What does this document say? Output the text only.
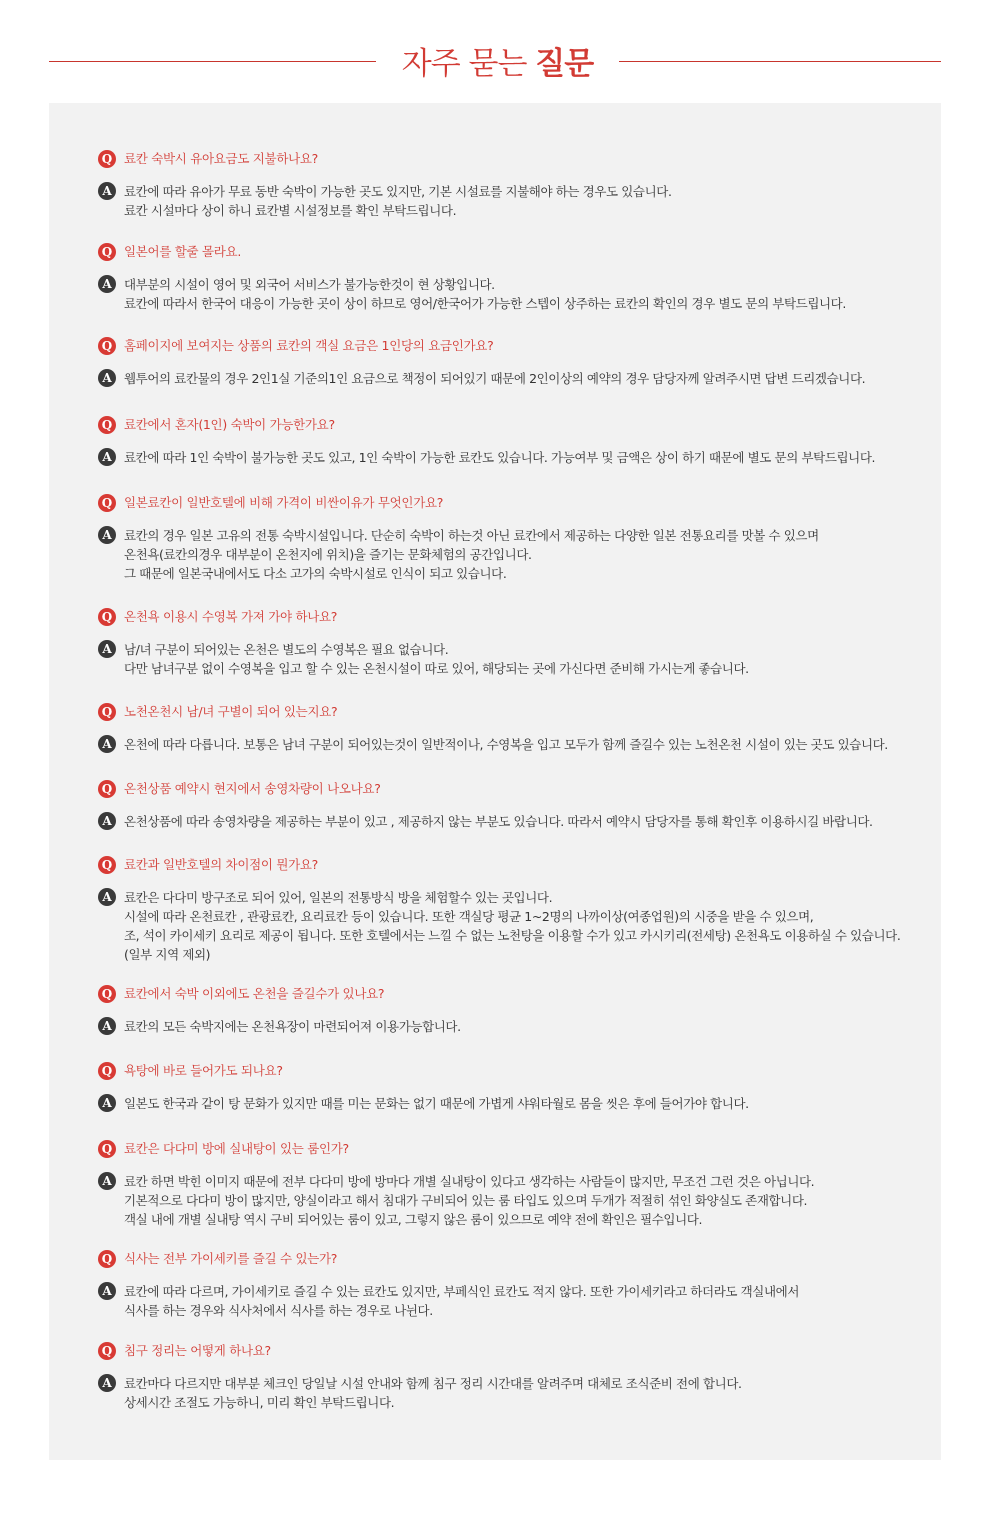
자주 묻는 질문
Q 료칸 숙박시 유아요금도 지불하나요?
A 료칸에 따라 유아가 무료 동반 숙박이 가능한 곳도 있지만, 기본 시설료를 지불해야 하는 경우도 있습니다.
료칸 시설마다 상이 하니 료칸별 시설정보를 확인 부탁드립니다.
Q 일본어를 할줄 몰라요.
A 대부분의 시설이 영어 및 외국어 서비스가 불가능한것이 현 상황입니다.
료칸에 따라서 한국어 대응이 가능한 곳이 상이 하므로 영어/한국어가 가능한 스텝이 상주하는 료칸의 확인의 경우 별도 문의 부탁드립니다.
Q 홈페이지에 보여지는 상품의 료칸의 객실 요금은 1인당의 요금인가요?
A 웹투어의 료칸물의 경우 2인1실 기준의1인 요금으로 책정이 되어있기 때문에 2인이상의 예약의 경우 담당자께 알려주시면 답변 드리겠습니다.
Q 료칸에서 혼자(1인) 숙박이 가능한가요?
A 료칸에 따라 1인 숙박이 불가능한 곳도 있고, 1인 숙박이 가능한 료칸도 있습니다. 가능여부 및 금액은 상이 하기 때문에 별도 문의 부탁드립니다.
Q 일본료칸이 일반호텔에 비해 가격이 비싼이유가 무엇인가요?
A 료칸의 경우 일본 고유의 전통 숙박시설입니다. 단순히 숙박이 하는것 아닌 료칸에서 제공하는 다양한 일본 전통요리를 맛볼 수 있으며
온천욕(료칸의경우 대부분이 온천지에 위치)을 즐기는 문화체험의 공간입니다.
그 때문에 일본국내에서도 다소 고가의 숙박시설로 인식이 되고 있습니다.
Q 온천욕 이용시 수영복 가져 가야 하나요?
A 남/녀 구분이 되어있는 온천은 별도의 수영복은 필요 없습니다.
다만 남녀구분 없이 수영복을 입고 할 수 있는 온천시설이 따로 있어, 해당되는 곳에 가신다면 준비해 가시는게 좋습니다.
Q 노천온천시 남/녀 구별이 되어 있는지요?
A 온천에 따라 다릅니다. 보통은 남녀 구분이 되어있는것이 일반적이나, 수영복을 입고 모두가 함께 즐길수 있는 노천온천 시설이 있는 곳도 있습니다.
Q 온천상품 예약시 현지에서 송영차량이 나오나요?
A 온천상품에 따라 송영차량을 제공하는 부분이 있고 , 제공하지 않는 부분도 있습니다. 따라서 예약시 담당자를 통해 확인후 이용하시길 바랍니다.
Q 료칸과 일반호텔의 차이점이 뭔가요?
A 료칸은 다다미 방구조로 되어 있어, 일본의 전통방식 방을 체험할수 있는 곳입니다.
시설에 따라 온천료칸 , 관광료칸, 요리료칸 등이 있습니다. 또한 객실당 평균 1~2명의 나까이상(여종업원)의 시중을 받을 수 있으며,
조, 석이 카이세키 요리로 제공이 됩니다. 또한 호텔에서는 느낄 수 없는 노천탕을 이용할 수가 있고 카시키리(전세탕) 온천욕도 이용하실 수 있습니다.
(일부 지역 제외)
Q 료칸에서 숙박 이외에도 온천을 즐길수가 있나요?
A 료칸의 모든 숙박지에는 온천욕장이 마련되어져 이용가능합니다.
Q 욕탕에 바로 들어가도 되나요?
A 일본도 한국과 같이 탕 문화가 있지만 때를 미는 문화는 없기 때문에 가볍게 샤워타월로 몸을 씻은 후에 들어가야 합니다.
Q 료칸은 다다미 방에 실내탕이 있는 룸인가?
A 료칸 하면 박힌 이미지 때문에 전부 다다미 방에 방마다 개별 실내탕이 있다고 생각하는 사람들이 많지만, 무조건 그런 것은 아닙니다.
기본적으로 다다미 방이 많지만, 양실이라고 해서 침대가 구비되어 있는 룸 타입도 있으며 두개가 적절히 섞인 화양실도 존재합니다.
객실 내에 개별 실내탕 역시 구비 되어있는 룸이 있고, 그렇지 않은 룸이 있으므로 예약 전에 확인은 필수입니다.
Q 식사는 전부 가이세키를 즐길 수 있는가?
A 료칸에 따라 다르며, 가이세키로 즐길 수 있는 료칸도 있지만, 부페식인 료칸도 적지 않다. 또한 가이세키라고 하더라도 객실내에서
식사를 하는 경우와 식사처에서 식사를 하는 경우로 나뉜다.
Q 침구 정리는 어떻게 하나요?
A 료칸마다 다르지만 대부분 체크인 당일날 시설 안내와 함께 침구 정리 시간대를 알려주며 대체로 조식준비 전에 합니다.
상세시간 조절도 가능하니, 미리 확인 부탁드립니다.
